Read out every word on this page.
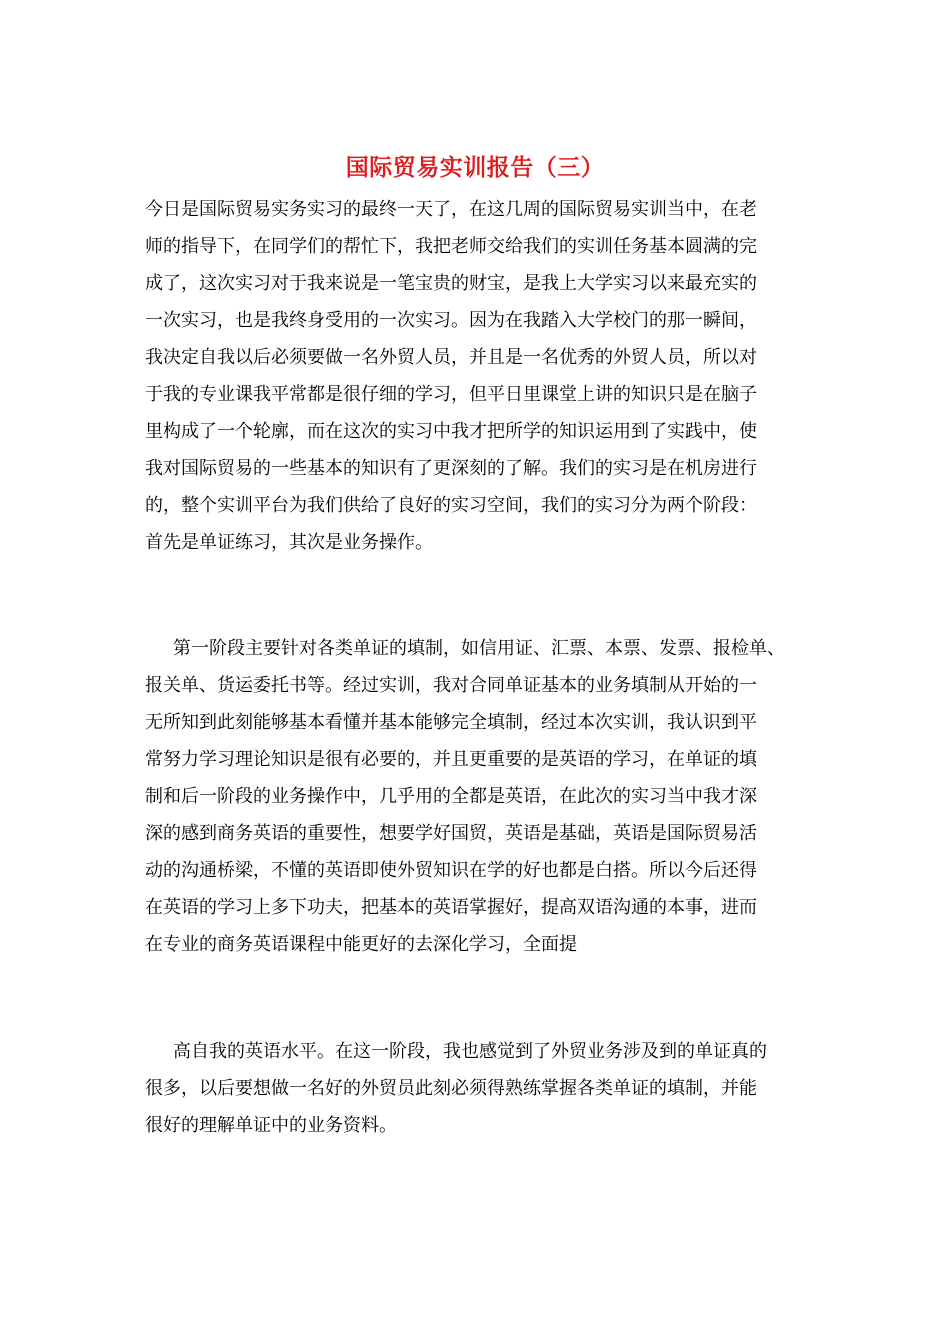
国际贸易实训报告（三）
今日是国际贸易实务实习的最终一天了，在这几周的国际贸易实训当中，在老
师的指导下，在同学们的帮忙下，我把老师交给我们的实训任务基本圆满的完
成了，这次实习对于我来说是一笔宝贵的财宝，是我上大学实习以来最充实的
一次实习，也是我终身受用的一次实习。因为在我踏入大学校门的那一瞬间，
我决定自我以后必须要做一名外贸人员，并且是一名优秀的外贸人员，所以对
于我的专业课我平常都是很仔细的学习，但平日里课堂上讲的知识只是在脑子
里构成了一个轮廓，而在这次的实习中我才把所学的知识运用到了实践中，使
我对国际贸易的一些基本的知识有了更深刻的了解。我们的实习是在机房进行
的，整个实训平台为我们供给了良好的实习空间，我们的实习分为两个阶段：
首先是单证练习，其次是业务操作。
第一阶段主要针对各类单证的填制，如信用证、汇票、本票、发票、报检单、
报关单、货运委托书等。经过实训，我对合同单证基本的业务填制从开始的一
无所知到此刻能够基本看懂并基本能够完全填制，经过本次实训，我认识到平
常努力学习理论知识是很有必要的，并且更重要的是英语的学习，在单证的填
制和后一阶段的业务操作中，几乎用的全都是英语，在此次的实习当中我才深
深的感到商务英语的重要性，想要学好国贸，英语是基础，英语是国际贸易活
动的沟通桥梁，不懂的英语即使外贸知识在学的好也都是白搭。所以今后还得
在英语的学习上多下功夫，把基本的英语掌握好，提高双语沟通的本事，进而
在专业的商务英语课程中能更好的去深化学习，全面提
高自我的英语水平。在这一阶段，我也感觉到了外贸业务涉及到的单证真的
很多，以后要想做一名好的外贸员此刻必须得熟练掌握各类单证的填制，并能
很好的理解单证中的业务资料。
